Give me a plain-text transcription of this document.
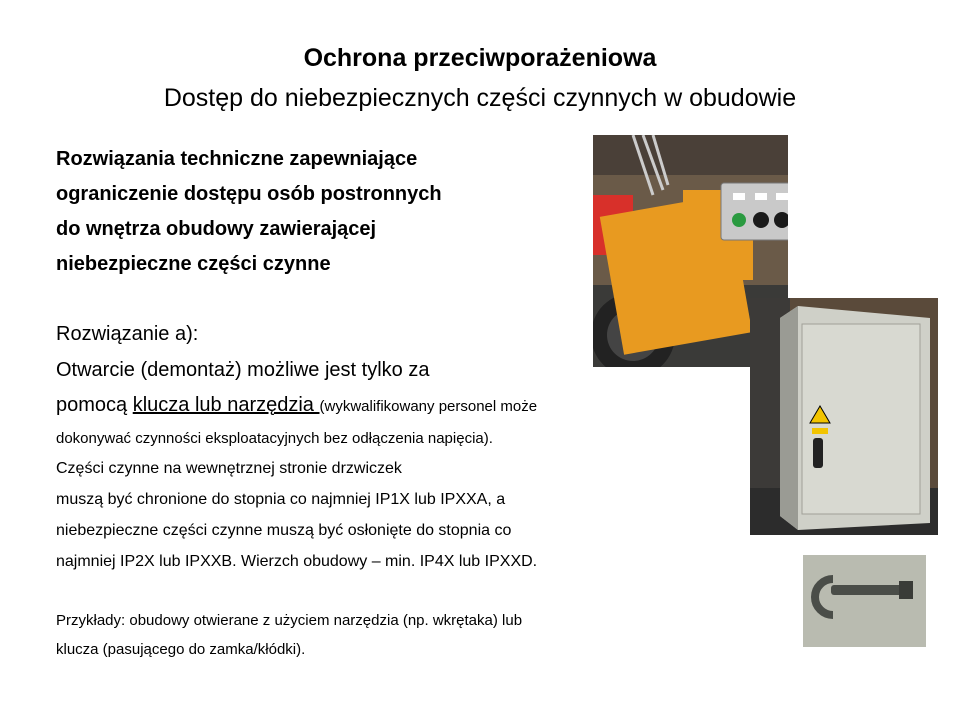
Ochrona przeciwporażeniowa
Dostęp do niebezpiecznych części czynnych w obudowie
Rozwiązania techniczne zapewniające
ograniczenie dostępu osób postronnych
do wnętrza obudowy zawierającej
niebezpieczne części czynne
Rozwiązanie a):
Otwarcie (demontaż) możliwe jest tylko za
pomocą klucza lub narzędzia (wykwalifikowany personel może
dokonywać czynności eksploatacyjnych bez odłączenia napięcia).
Części czynne na wewnętrznej stronie drzwiczek
muszą być chronione do stopnia co najmniej IP1X lub IPXXA, a
niebezpieczne części czynne muszą być osłonięte do stopnia co
najmniej IP2X lub IPXXB. Wierzch obudowy – min. IP4X lub IPXXD.
Przykłady: obudowy otwierane z użyciem narzędzia (np. wkrętaka) lub
klucza (pasującego do zamka/kłódki).
